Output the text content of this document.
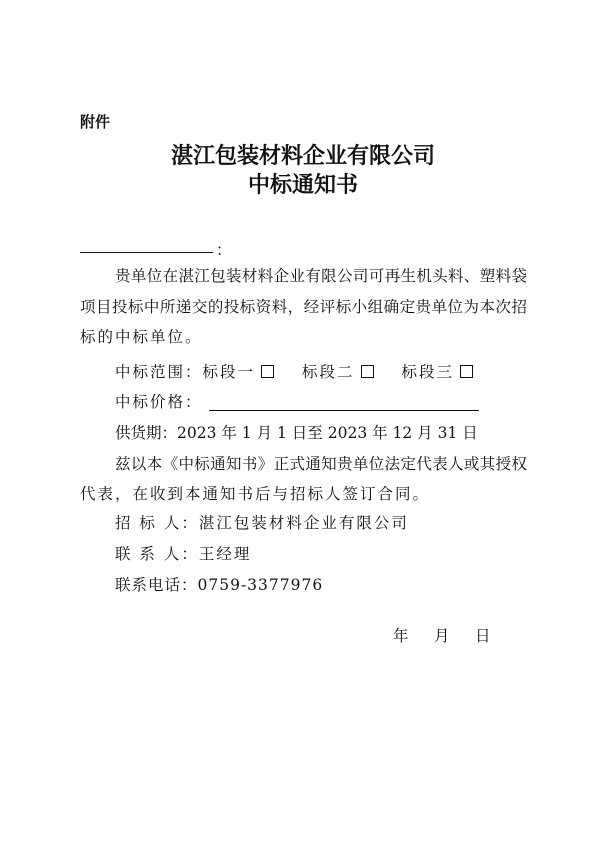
附件
湛江包装材料企业有限公司
中标通知书
：
贵单位在湛江包装材料企业有限公司可再生机头料、塑料袋
项目投标中所递交的投标资料，经评标小组确定贵单位为本次招
标的中标单位。
中标范围：标段一	标段二	标段三
中标价格：
供货期：2023 年 1 月 1 日至 2023 年 12 月 31 日
兹以本《中标通知书》正式通知贵单位法定代表人或其授权
代表，在收到本通知书后与招标人签订合同。
招 标 人：湛江包装材料企业有限公司
联 系 人：王经理
联系电话：0759-3377976
年 月 日
